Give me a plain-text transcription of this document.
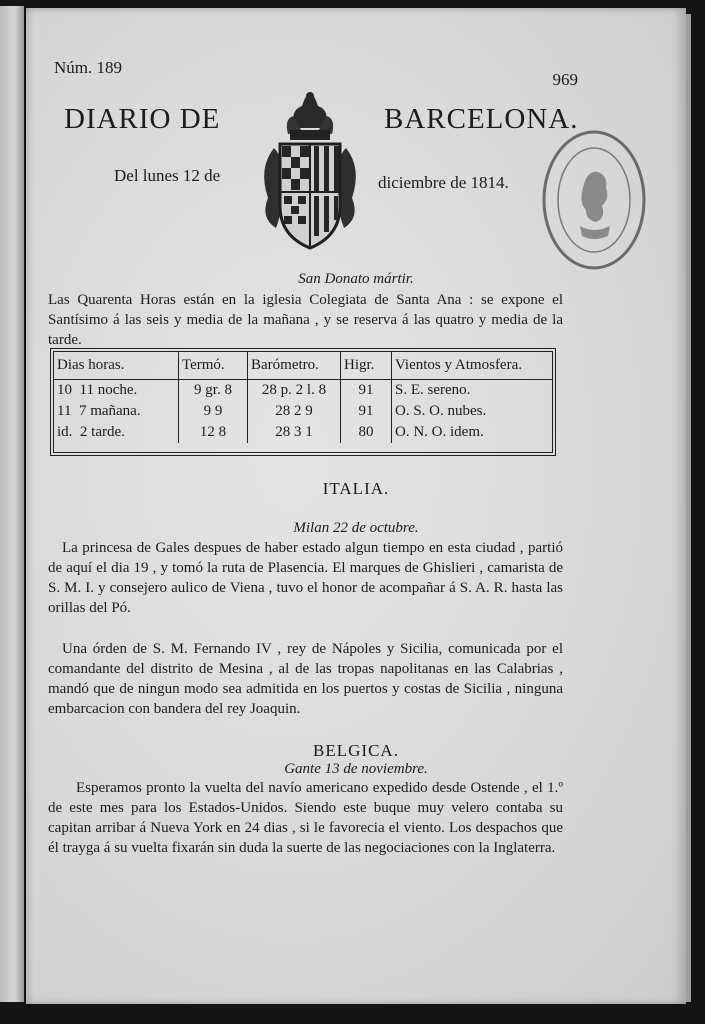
Núm. 189
969
DIARIO DE	BARCELONA.
Del lunes 12 de	diciembre de 1814.
San Donato mártir.
Las Quarenta Horas están en la iglesia Colegiata de Santa Ana : se expone el Santísimo á las seis y media de la mañana , y se reserva á las quatro y media de la tarde.
Dias horas.	Termó.	Barómetro.	Higr.	Vientos y Atmosfera.
10 11 noche.	9 gr. 8	28 p. 2 l. 8	91	S. E. sereno.
11 7 mañana.	9 9	28 2 9	91	O. S. O. nubes.
id. 2 tarde.	12 8	28 3 1	80	O. N. O. idem.
ITALIA.
Milan 22 de octubre.
La princesa de Gales despues de haber estado algun tiempo en esta ciudad , partió de aquí el dia 19 , y tomó la ruta de Plasencia. El marques de Ghislieri , camarista de S. M. I. y consejero aulico de Viena , tuvo el honor de acompañar á S. A. R. hasta las orillas del Pó.
Una órden de S. M. Fernando IV , rey de Nápoles y Sicilia, comunicada por el comandante del distrito de Mesina , al de las tropas napolitanas en las Calabrias , mandó que de ningun modo sea admitida en los puertos y costas de Sicilia , ninguna embarcacion con bandera del rey Joaquin.
BELGICA.
Gante 13 de noviembre.
Esperamos pronto la vuelta del navío americano expedido desde Ostende , el 1.º de este mes para los Estados-Unidos. Siendo este buque muy velero contaba su capitan arribar á Nueva York en 24 dias , si le favorecia el viento. Los despachos que él trayga á su vuelta fixarán sin duda la suerte de las negociaciones con la Inglaterra.
